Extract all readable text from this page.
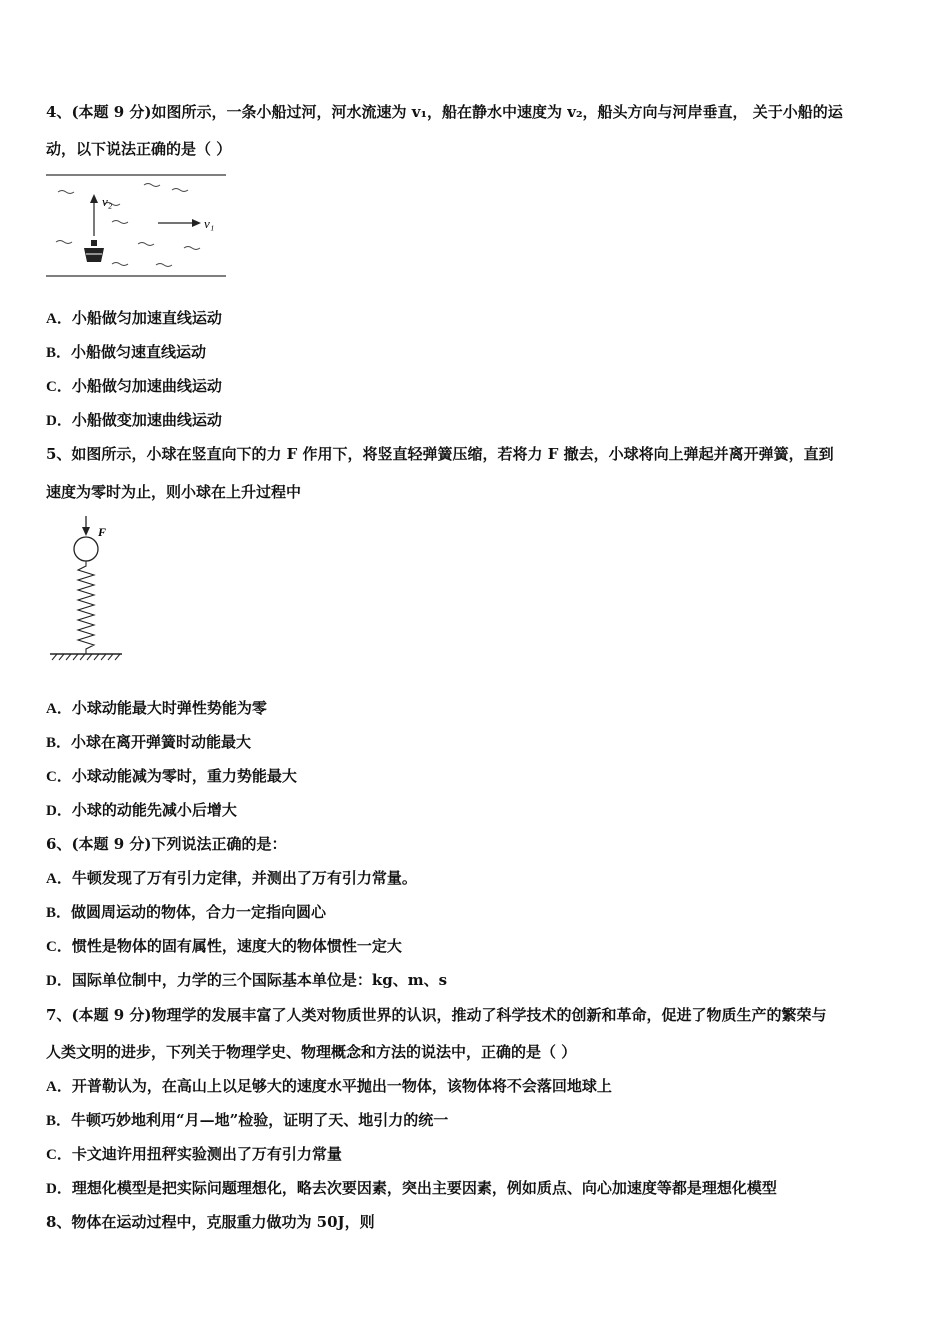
4、(本题 9 分)如图所示，一条小船过河，河水流速为 v₁，船在静水中速度为 v₂，船头方向与河岸垂直， 关于小船的运
动，以下说法正确的是（ ）
v₂
v₁
A．小船做匀加速直线运动
B．小船做匀速直线运动
C．小船做匀加速曲线运动
D．小船做变加速曲线运动
5、如图所示，小球在竖直向下的力 F 作用下，将竖直轻弹簧压缩，若将力 F 撤去，小球将向上弹起并离开弹簧，直到
速度为零时为止，则小球在上升过程中
F
A．小球动能最大时弹性势能为零
B．小球在离开弹簧时动能最大
C．小球动能减为零时，重力势能最大
D．小球的动能先减小后增大
6、(本题 9 分)下列说法正确的是：
A．牛顿发现了万有引力定律，并测出了万有引力常量。
B．做圆周运动的物体，合力一定指向圆心
C．惯性是物体的固有属性，速度大的物体惯性一定大
D．国际单位制中，力学的三个国际基本单位是：kg、m、s
7、(本题 9 分)物理学的发展丰富了人类对物质世界的认识，推动了科学技术的创新和革命，促进了物质生产的繁荣与
人类文明的进步，下列关于物理学史、物理概念和方法的说法中，正确的是（ ）
A．开普勒认为，在高山上以足够大的速度水平抛出一物体，该物体将不会落回地球上
B．牛顿巧妙地利用“月—地”检验，证明了天、地引力的统一
C．卡文迪许用扭秤实验测出了万有引力常量
D．理想化模型是把实际问题理想化，略去次要因素，突出主要因素，例如质点、向心加速度等都是理想化模型
8、物体在运动过程中，克服重力做功为 50J，则
